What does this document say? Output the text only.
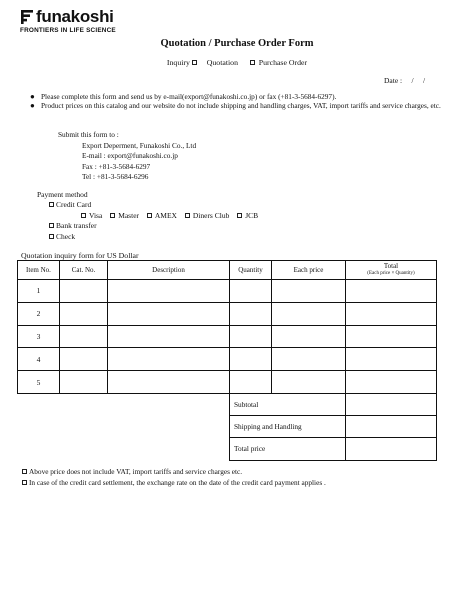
funakoshi
FRONTIERS IN LIFE SCIENCE
Quotation / Purchase Order Form
Inquiry Quotation	Purchase Order
Date :     /     /
● Please complete this form and send us by e-mail(export@funakoshi.co.jp) or fax (+81-3-5684-6297).
● Product prices on this catalog and our website do not include shipping and handling charges, VAT, import tariffs and service charges, etc.
Submit this form to :
Export Deperment, Funakoshi Co., Ltd
E-mail : export@funakoshi.co.jp
Fax : +81-3-5684-6297
Tel : +81-3-5684-6296
Payment method
Credit Card
Visa Master AMEX Diners Club JCB
Bank transfer
Check
Quotation inquiry form for US Dollar
Item No.	Cat. No.	Description	Quantity	Each price	Total
(Each price × Quantity)

1					
2					
3					
4					
5					
			Subtotal		
			Shipping and Handling		
			Total price		
Above price does not include VAT, import tariffs and service charges etc.
In case of the credit card settlement, the exchange rate on the date of the credit card payment applies .
